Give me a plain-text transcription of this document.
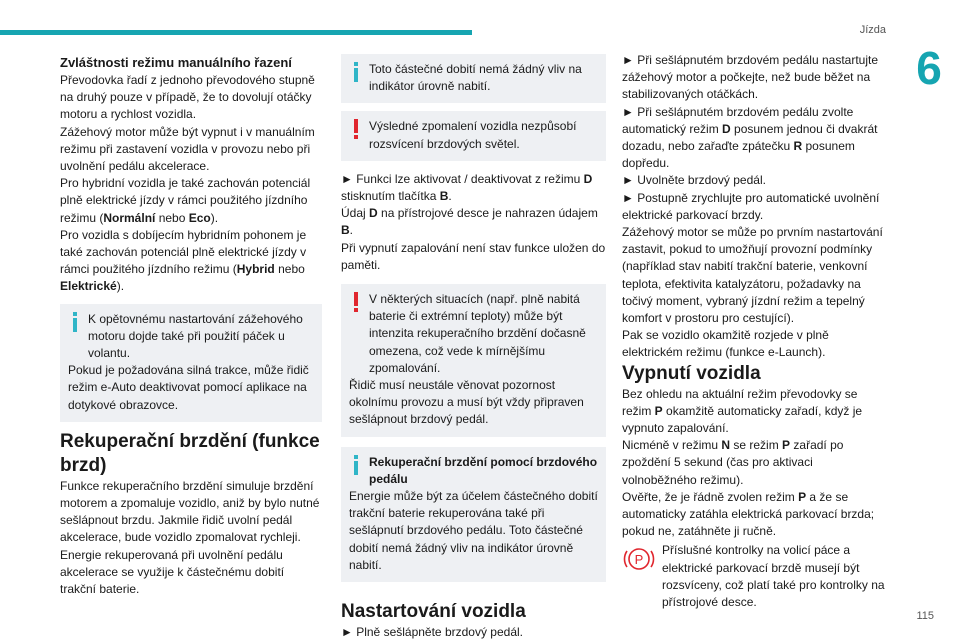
Jízda
6
115

Zvláštnosti režimu manuálního řazení

Převodovka řadí z jednoho převodového stupně na druhý pouze v případě, že to dovolují otáčky motoru a rychlost vozidla.

Zážehový motor může být vypnut i v manuálním režimu při zastavení vozidla v provozu nebo při uvolnění pedálu akcelerace.

Pro hybridní vozidla je také zachován potenciál plně elektrické jízdy v rámci použitého jízdního režimu (Normální nebo Eco).

Pro vozidla s dobíjecím hybridním pohonem je také zachován potenciál plně elektrické jízdy v rámci použitého jízdního režimu (Hybrid nebo Elektrické).

K opětovnému nastartování zážehového motoru dojde také při použití páček u volantu.

Pokud je požadována silná trakce, může řidič režim e-Auto deaktivovat pomocí aplikace na dotykové obrazovce.

Rekuperační brzdění (funkce brzd)

Funkce rekuperačního brzdění simuluje brzdění motorem a zpomaluje vozidlo, aniž by bylo nutné sešlápnout brzdu. Jakmile řidič uvolní pedál akcelerace, bude vozidlo zpomalovat rychleji.

Energie rekuperovaná při uvolnění pedálu akcelerace se využije k částečnému dobití trakční baterie.

Toto částečné dobití nemá žádný vliv na indikátor úrovně nabití.

Výsledné zpomalení vozidla nezpůsobí rozsvícení brzdových světel.

► Funkci lze aktivovat / deaktivovat z režimu D stisknutím tlačítka B.

Údaj D na přístrojové desce je nahrazen údajem B.

Při vypnutí zapalování není stav funkce uložen do paměti.

V některých situacích (např. plně nabitá baterie či extrémní teploty) může být intenzita rekuperačního brzdění dočasně omezena, což vede k mírnějšímu zpomalování.

Řidič musí neustále věnovat pozornost okolnímu provozu a musí být vždy připraven sešlápnout brzdový pedál.

Rekuperační brzdění pomocí brzdového pedálu

Energie může být za účelem částečného dobití trakční baterie rekuperována také při sešlápnutí brzdového pedálu. Toto částečné dobití nemá žádný vliv na indikátor úrovně nabití.

Nastartování vozidla

► Plně sešlápněte brzdový pedál.

► Při sešlápnutém brzdovém pedálu nastartujte zážehový motor a počkejte, než bude běžet na stabilizovaných otáčkách.

► Při sešlápnutém brzdovém pedálu zvolte automatický režim D posunem jednou či dvakrát dozadu, nebo zařaďte zpátečku R posunem dopředu.

► Uvolněte brzdový pedál.

► Postupně zrychlujte pro automatické uvolnění elektrické parkovací brzdy.

Zážehový motor se může po prvním nastartování zastavit, pokud to umožňují provozní podmínky (například stav nabití trakční baterie, venkovní teplota, efektivita katalyzátoru, požadavky na točivý moment, vybraný jízdní režim a tepelný komfort v prostoru pro cestující).

Pak se vozidlo okamžitě rozjede v plně elektrickém režimu (funkce e-Launch).

Vypnutí vozidla

Bez ohledu na aktuální režim převodovky se režim P okamžitě automaticky zařadí, když je vypnuto zapalování.

Nicméně v režimu N se režim P zařadí po zpoždění 5 sekund (čas pro aktivaci volnoběžného režimu).

Ověřte, že je řádně zvolen režim P a že se automaticky zatáhla elektrická parkovací brzda; pokud ne, zatáhněte ji ručně.

P

Příslušné kontrolky na volicí páce a elektrické parkovací brzdě musejí být rozsvíceny, což platí také pro kontrolky na přístrojové desce.
